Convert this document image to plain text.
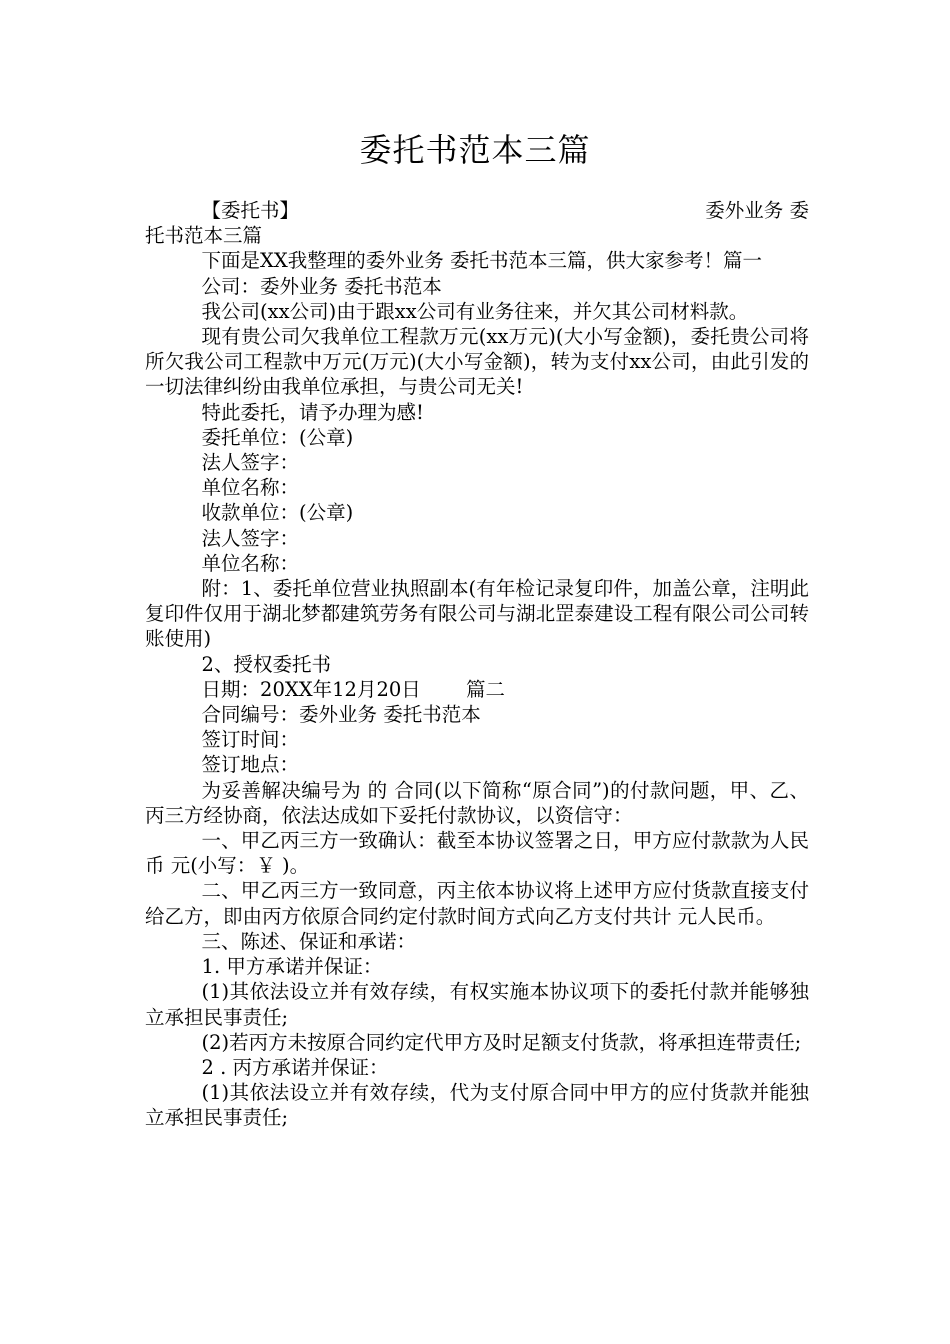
委托书范本三篇
【委托书】	委外业务 委

托书范本三篇

下面是XX我整理的委外业务 委托书范本三篇，供大家参考！篇一

公司：委外业务 委托书范本

我公司(xx公司)由于跟xx公司有业务往来，并欠其公司材料款。

现有贵公司欠我单位工程款万元(xx万元)(大小写金额)，委托贵公司将所欠我公司工程款中万元(万元)(大小写金额)，转为支付xx公司，由此引发的一切法律纠纷由我单位承担，与贵公司无关!

特此委托，请予办理为感!

委托单位：(公章)

法人签字：

单位名称：

收款单位：(公章)

法人签字：

单位名称：

附：1、委托单位营业执照副本(有年检记录复印件，加盖公章，注明此复印件仅用于湖北梦都建筑劳务有限公司与湖北罡泰建设工程有限公司公司转账使用)

2、授权委托书

日期：20XX年12月20日 　　篇二

合同编号：委外业务 委托书范本

签订时间：

签订地点：

为妥善解决编号为 的 合同(以下简称“原合同”)的付款问题，甲、乙、丙三方经协商，依法达成如下妥托付款协议，以资信守：

一、甲乙丙三方一致确认：截至本协议签署之日，甲方应付款款为人民币 元(小写：￥ )。

二、甲乙丙三方一致同意，丙主依本协议将上述甲方应付货款直接支付给乙方，即由丙方依原合同约定付款时间方式向乙方支付共计 元人民币。

三、陈述、保证和承诺：

1. 甲方承诺并保证：

(1)其依法设立并有效存续，有权实施本协议项下的委托付款并能够独立承担民事责任;

(2)若丙方未按原合同约定代甲方及时足额支付货款，将承担连带责任;

2 . 丙方承诺并保证：

(1)其依法设立并有效存续，代为支付原合同中甲方的应付货款并能独立承担民事责任;
